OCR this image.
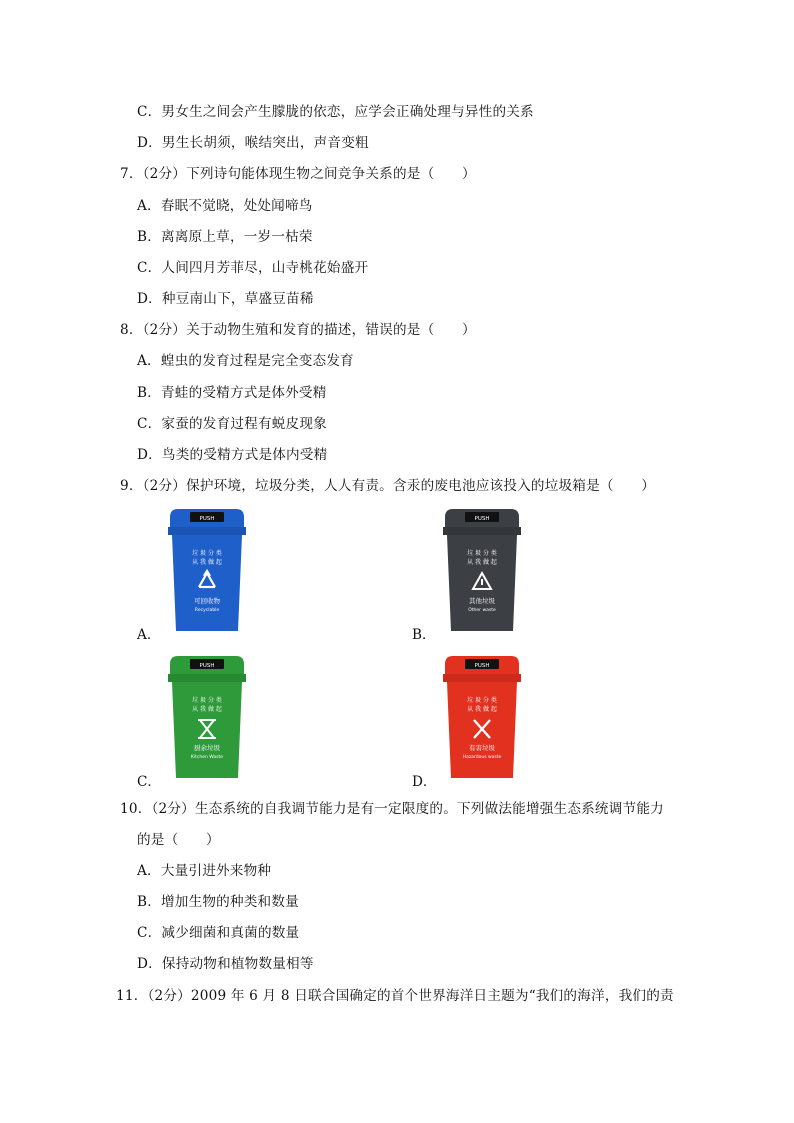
C．男女生之间会产生朦胧的依恋，应学会正确处理与异性的关系
D．男生长胡须，喉结突出，声音变粗
7．（2分）下列诗句能体现生物之间竞争关系的是（　　）
A．春眠不觉晓，处处闻啼鸟
B．离离原上草，一岁一枯荣
C．人间四月芳菲尽，山寺桃花始盛开
D．种豆南山下，草盛豆苗稀
8．（2分）关于动物生殖和发育的描述，错误的是（　　）
A．蝗虫的发育过程是完全变态发育
B．青蛙的受精方式是体外受精
C．家蚕的发育过程有蜕皮现象
D．鸟类的受精方式是体内受精
9．（2分）保护环境，垃圾分类，人人有责。含汞的废电池应该投入的垃圾箱是（　　）
PUSH
垃 圾 分 类
从 我 做 起
可回收物
Recyclable
A．
PUSH
垃 圾 分 类
从 我 做 起
其他垃圾
Other waste
B．
PUSH
垃 圾 分 类
从 我 做 起
厨余垃圾
Kitchen Waste
C．
PUSH
垃 圾 分 类
从 我 做 起
有害垃圾
Hazardous waste
D．
10．（2分）生态系统的自我调节能力是有一定限度的。下列做法能增强生态系统调节能力
的是（　　）
A．大量引进外来物种
B．增加生物的种类和数量
C．减少细菌和真菌的数量
D．保持动物和植物数量相等
11．（2分）2009 年 6 月 8 日联合国确定的首个世界海洋日主题为“我们的海洋，我们的责
